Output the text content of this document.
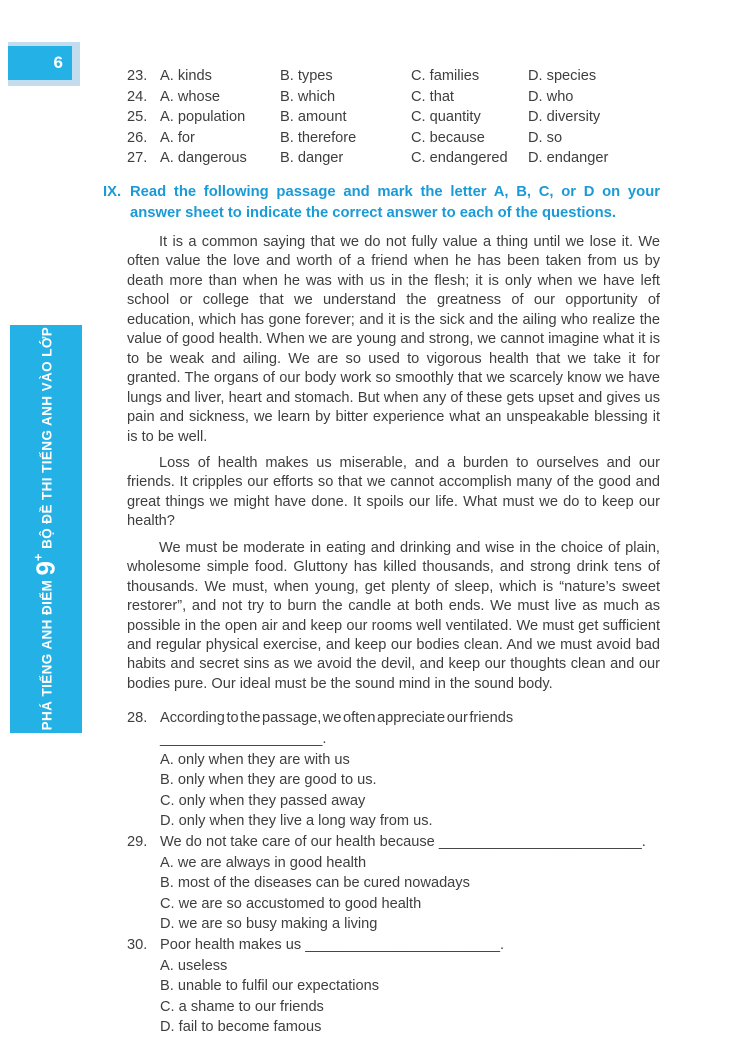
6
ĐỘT PHÁ TIẾNG ANH ĐIỂM 9+ BỘ ĐỀ THI TIẾNG ANH VÀO LỚP 10
23. A. kinds	B. types	C. families	D. species
24. A. whose	B. which	C. that	D. who
25. A. population	B. amount	C. quantity	D. diversity
26. A. for	B. therefore	C. because	D. so
27. A. dangerous	B. danger	C. endangered	D. endanger
IX. Read the following passage and mark the letter A, B, C, or D on your answer sheet to indicate the correct answer to each of the questions.

It is a common saying that we do not fully value a thing until we lose it. We often value the love and worth of a friend when he has been taken from us by death more than when he was with us in the flesh; it is only when we have left school or college that we understand the greatness of our opportunity of education, which has gone forever; and it is the sick and the ailing who realize the value of good health. When we are young and strong, we cannot imagine what it is to be weak and ailing. We are so used to vigorous health that we take it for granted. The organs of our body work so smoothly that we scarcely know we have lungs and liver, heart and stomach. But when any of these gets upset and gives us pain and sickness, we learn by bitter experience what an unspeakable blessing it is to be well.

Loss of health makes us miserable, and a burden to ourselves and our friends. It cripples our efforts so that we cannot accomplish many of the good and great things we might have done. It spoils our life. What must we do to keep our health?

We must be moderate in eating and drinking and wise in the choice of plain, wholesome simple food. Gluttony has killed thousands, and strong drink tens of thousands. We must, when young, get plenty of sleep, which is “nature’s sweet restorer”, and not try to burn the candle at both ends. We must live as much as possible in the open air and keep our rooms well ventilated. We must get sufficient and regular physical exercise, and keep our bodies clean. And we must avoid bad habits and secret sins as we avoid the devil, and keep our thoughts clean and our bodies pure. Our ideal must be the sound mind in the sound body.

28. According to the passage, we often appreciate our friends ____________________.
A. only when they are with us
B. only when they are good to us.
C. only when they passed away
D. only when they live a long way from us.
29. We do not take care of our health because _________________________.
A. we are always in good health
B. most of the diseases can be cured nowadays
C. we are so accustomed to good health
D. we are so busy making a living
30. Poor health makes us ________________________.
A. useless
B. unable to fulfil our expectations
C. a shame to our friends
D. fail to become famous
